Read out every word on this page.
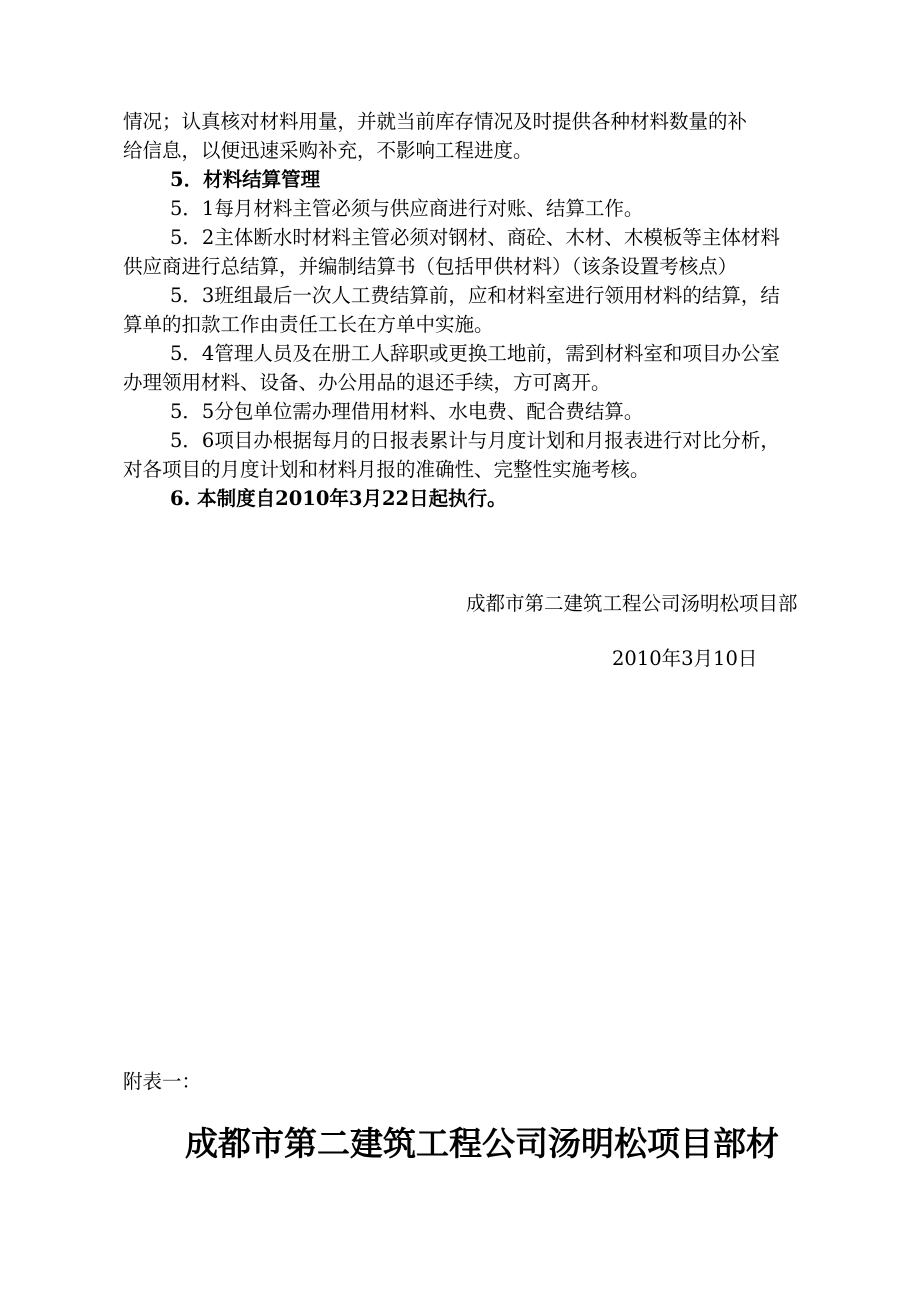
情况；认真核对材料用量，并就当前库存情况及时提供各种材料数量的补
给信息，以便迅速采购补充，不影响工程进度。
5．材料结算管理
5．1每月材料主管必须与供应商进行对账、结算工作。
5．2主体断水时材料主管必须对钢材、商砼、木材、木模板等主体材料
供应商进行总结算，并编制结算书（包括甲供材料）（该条设置考核点）
5．3班组最后一次人工费结算前，应和材料室进行领用材料的结算，结
算单的扣款工作由责任工长在方单中实施。
5．4管理人员及在册工人辞职或更换工地前，需到材料室和项目办公室
办理领用材料、设备、办公用品的退还手续，方可离开。
5．5分包单位需办理借用材料、水电费、配合费结算。
5．6项目办根据每月的日报表累计与月度计划和月报表进行对比分析，
对各项目的月度计划和材料月报的准确性、完整性实施考核。
6. 本制度自2010年3月22日起执行。
成都市第二建筑工程公司汤明松项目部
2010年3月10日
附表一：
成都市第二建筑工程公司汤明松项目部材
